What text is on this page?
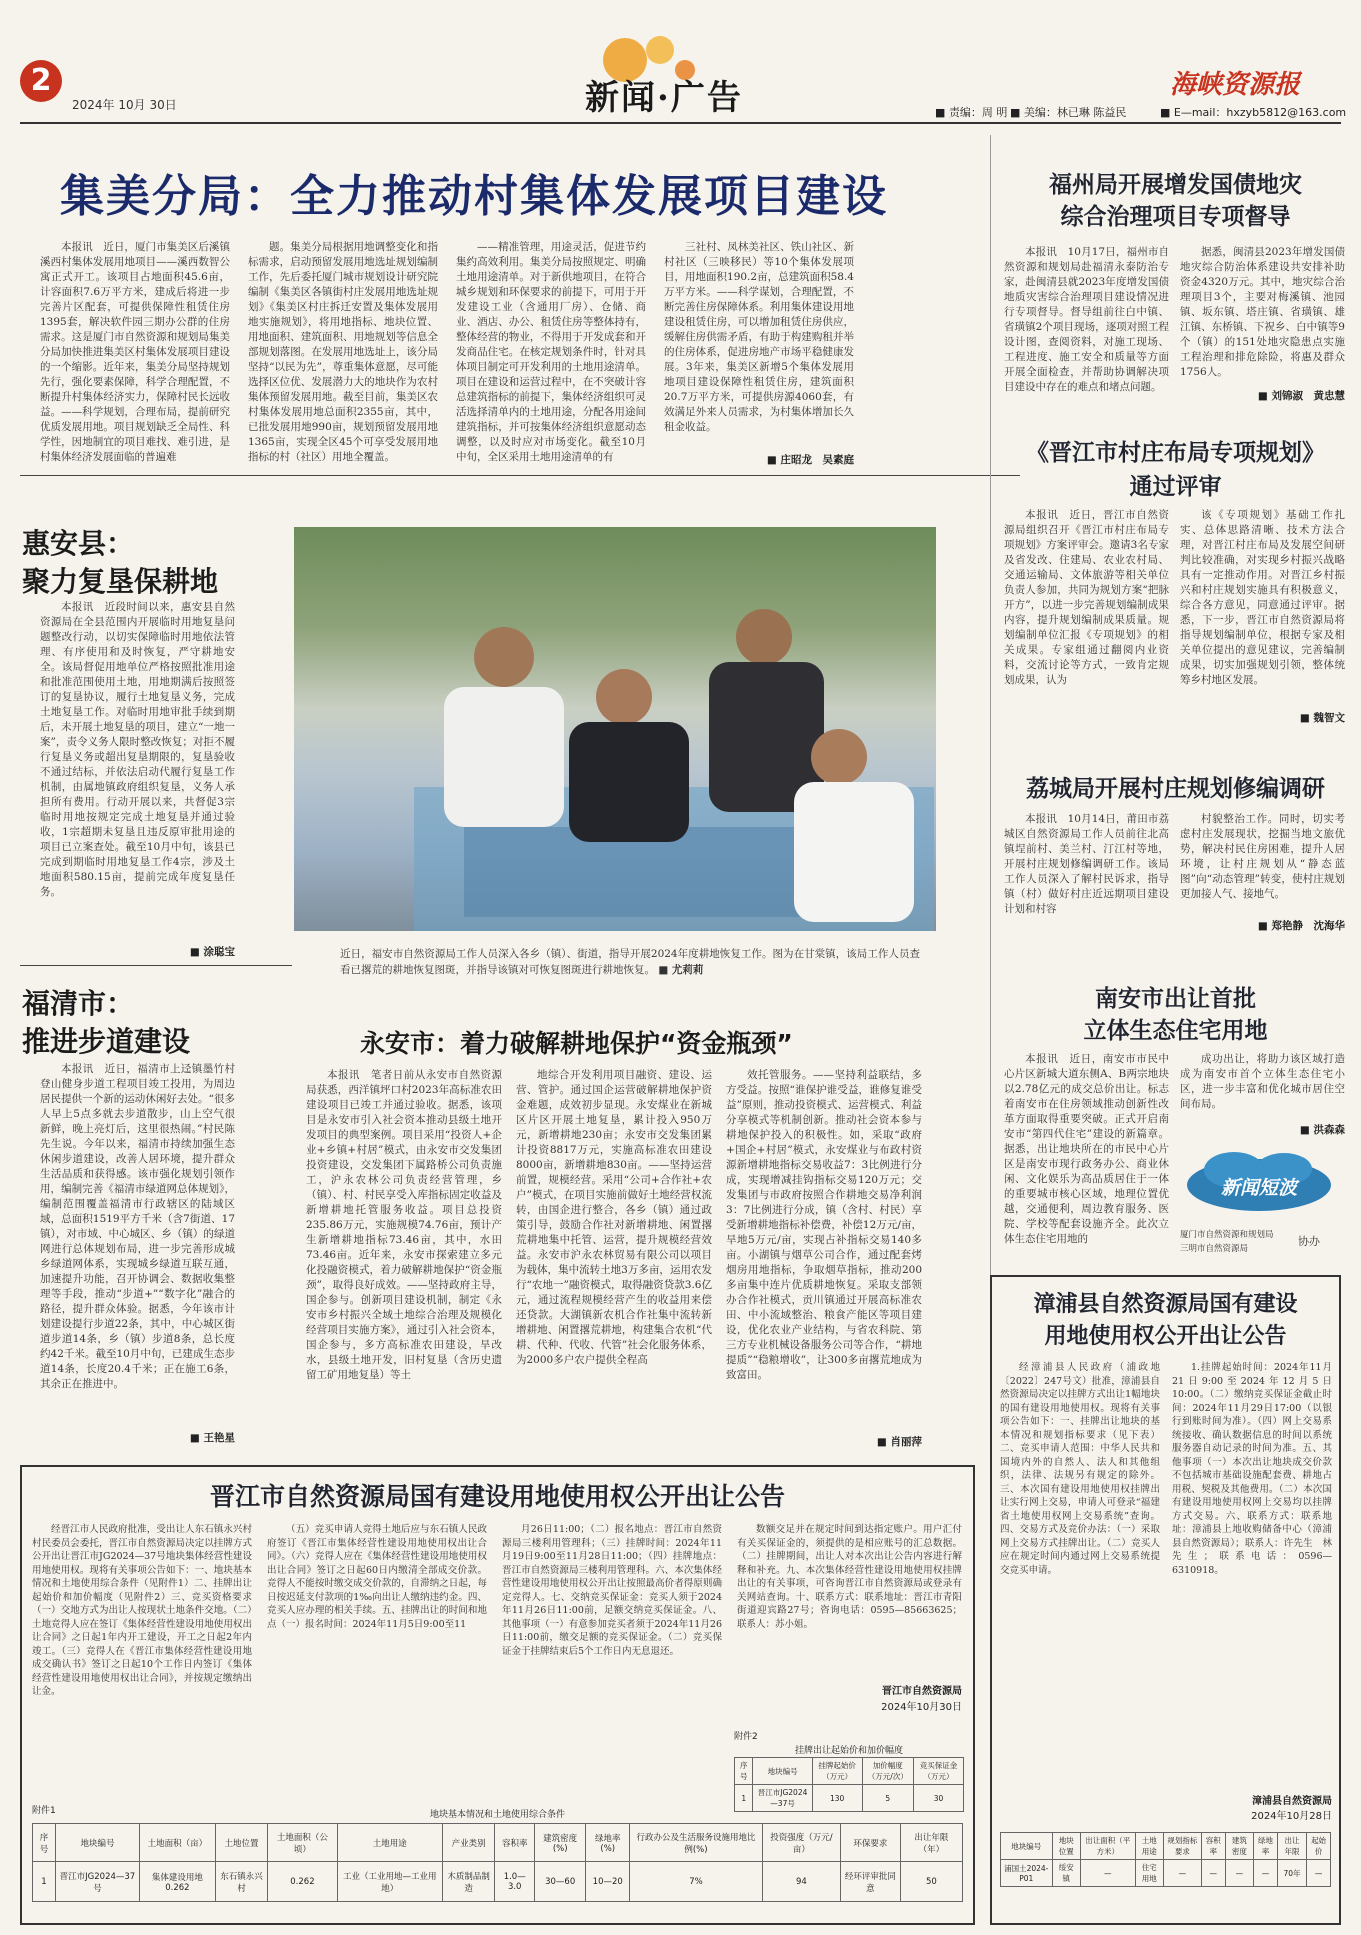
2
2024年 10月 30日	新闻·广告	海峡资源报
■ 责编：周 明 ■ 美编：林已琳 陈益民	■ E—mail：hxzyb5812@163.com
集美分局：全力推动村集体发展项目建设

本报讯　近日，厦门市集美区后溪镇溪西村集体发展用地项目——溪西数智公寓正式开工。该项目占地面积45.6亩，计容面积7.6万平方米，建成后将进一步完善片区配套，可提供保障性租赁住房1395套，解决软件园三期办公群的住房需求。这是厦门市自然资源和规划局集美分局加快推进集美区村集体发展项目建设的一个缩影。近年来，集美分局坚持规划先行，强化要素保障，科学合理配置，不断提升村集体经济实力，保障村民长远收益。——科学规划，合理布局，提前研究优质发展用地。项目规划缺乏全局性、科学性，因地制宜的项目难找、难引进，是村集体经济发展面临的普遍难

题。集美分局根据用地调整变化和指标需求，启动预留发展用地选址规划编制工作，先后委托厦门城市规划设计研究院编制《集美区各镇街村庄发展用地选址规划》《集美区村庄拆迁安置及集体发展用地实施规划》，将用地指标、地块位置、用地面积、建筑面积、用地规划等信息全部规划落图。在发展用地选址上，该分局坚持“以民为先”，尊重集体意愿，尽可能选择区位优、发展潜力大的地块作为农村集体预留发展用地。截至目前，集美区农村集体发展用地总面积2355亩，其中，已批发展用地990亩，规划预留发展用地1365亩，实现全区45个可享受发展用地指标的村（社区）用地全覆盖。

——精准管理，用途灵活，促进节约集约高效利用。集美分局按照规定、明确土地用途清单。对于新供地项目，在符合城乡规划和环保要求的前提下，可用于开发建设工业（含通用厂房）、仓储、商业、酒店、办公、租赁住房等整体持有，整体经营的物业，不得用于开发成套和开发商品住宅。在核定规划条件时，针对具体项目制定可开发利用的土地用途清单。项目在建设和运营过程中，在不突破计容总建筑指标的前提下，集体经济组织可灵活选择清单内的土地用途，分配各用途间建筑指标，并可按集体经济组织意愿动态调整，以及时应对市场变化。截至10月中旬，全区采用土地用途清单的有

三社村、凤林美社区、铁山社区、新村社区（三映移民）等10个集体发展项目，用地面积190.2亩，总建筑面积58.4万平方米。——科学谋划，合理配置，不断完善住房保障体系。利用集体建设用地建设租赁住房，可以增加租赁住房供应，缓解住房供需矛盾，有助于构建购租并举的住房体系，促进房地产市场平稳健康发展。3年来，集美区新增5个集体发展用地项目建设保障性租赁住房，建筑面积20.7万平方米，可提供房源4060套，有效满足外来人员需求，为村集体增加长久租金收益。

■ 庄昭龙　吴素庭
惠安县：
聚力复垦保耕地

本报讯　近段时间以来，惠安县自然资源局在全县范围内开展临时用地复垦问题整改行动，以切实保障临时用地依法管理、有序使用和及时恢复，严守耕地安全。该局督促用地单位严格按照批准用途和批准范围使用土地，用地期满后按照签订的复垦协议，履行土地复垦义务，完成土地复垦工作。对临时用地审批手续到期后，未开展土地复垦的项目，建立“一地一案”，责令义务人限时整改恢复；对拒不履行复垦义务或超出复垦期限的，复垦验收不通过结标，并依法启动代履行复垦工作机制，由属地镇政府组织复垦，义务人承担所有费用。行动开展以来，共督促3宗临时用地按规定完成土地复垦并通过验收，1宗超期未复垦且违反原审批用途的项目已立案查处。截至10月中旬，该县已完成到期临时用地复垦工作4宗，涉及土地面积580.15亩，提前完成年度复垦任务。

■ 涂聪宝	近日，福安市自然资源局工作人员深入各乡（镇）、街道，指导开展2024年度耕地恢复工作。图为在甘棠镇，该局工作人员查看已撂荒的耕地恢复图斑，并指导该镇对可恢复图斑进行耕地恢复。 ■ 尤莉莉
福清市：
推进步道建设

本报讯　近日，福清市上迳镇墨竹村登山健身步道工程项目竣工投用，为周边居民提供一个新的运动休闲好去处。“很多人早上5点多就去步道散步，山上空气很新鲜，晚上亮灯后，这里很热闹。”村民陈先生说。今年以来，福清市持续加强生态休闲步道建设，改善人居环境，提升群众生活品质和获得感。该市强化规划引领作用，编制完善《福清市绿道网总体规划》，编制范围覆盖福清市行政辖区的陆域区域，总面积1519平方千米（含7街道、17镇），对市域、中心城区、乡（镇）的绿道网进行总体规划布局，进一步完善形成城乡绿道网体系，实现城乡绿道互联互通，加速提升功能，召开协调会、数据收集整理等手段，推动“步道+”“数字化”融合的路径，提升群众体验。据悉，今年该市计划建设提行步道22条，其中，中心城区街道步道14条，乡（镇）步道8条，总长度约42千米。截至10月中旬，已建成生态步道14条，长度20.4千米；正在施工6条，其余正在推进中。

■ 王艳星
永安市：着力破解耕地保护“资金瓶颈”

本报讯　笔者日前从永安市自然资源局获悉，西洋镇坪口村2023年高标准农田建设项目已竣工并通过验收。据悉，该项目是永安市引入社会资本推动县级土地开发项目的典型案例。项目采用“投资人+企业+乡镇+村居”模式，由永安市交发集团投资建设，交发集团下属路桥公司负责施工，沪永农林公司负责经营管理，乡（镇）、村、村民享受入库指标固定收益及新增耕地托管服务收益。项目总投资235.86万元，实施规模74.76亩，预计产生新增耕地指标73.46亩，其中，水田73.46亩。近年来，永安市探索建立多元化投融资模式，着力破解耕地保护“资金瓶颈”，取得良好成效。——坚持政府主导，国企参与。创新项目建设机制，制定《永安市乡村振兴全域土地综合治理及规模化经营项目实施方案》，通过引入社会资本，国企参与，多方高标准农田建设，旱改水，县级土地开发，旧村复垦（含历史遗留工矿用地复垦）等土

地综合开发利用项目融资、建设、运营、管护。通过国企运营破解耕地保护资金难题，成效初步显现。永安煤业在新城区片区开展土地复垦，累计投入950万元，新增耕地230亩；永安市交发集团累计投资8817万元，实施高标准农田建设8000亩，新增耕地830亩。——坚持运营前置，规模经营。采用“公司+合作社+农户”模式，在项目实施前做好土地经营权流转，由国企进行整合，各乡（镇）通过政策引导，鼓励合作社对新增耕地、闲置撂荒耕地集中托管、运营，提升规模经营效益。永安市沪永农林贸易有限公司以项目为载体，集中流转土地3万多亩，运用农发行“农地一”融资模式，取得融资贷款3.6亿元，通过流程规模经营产生的收益用来偿还贷款。大湖镇新农机合作社集中流转新增耕地、闲置撂荒耕地，构建集合农机“代耕、代种、代收、代管”社会化服务体系，为2000多户农户提供全程高

效托管服务。——坚持利益联结，多方受益。按照“谁保护谁受益，谁修复谁受益”原则，推动投资模式、运营模式、利益分享模式等机制创新。推动社会资本参与耕地保护投入的积极性。如，采取“政府+国企+村居”模式，永安煤业与布政村资源新增耕地指标交易收益7：3比例进行分成，实现增减挂钩指标交易120万元；交发集团与市政府按照合作耕地交易净利润3：7比例进行分成，镇（含村、村民）享受新增耕地指标补偿费，补偿12万元/亩，旱地5万元/亩，实现占补指标交易140多亩。小湖镇与烟草公司合作，通过配套烤烟房用地指标，争取烟草指标，推动200多亩集中连片优质耕地恢复。采取支部领办合作社模式，贡川镇通过开展高标准农田、中小流域整治、粮食产能区等项目建设，优化农业产业结构，与省农科院、第三方专业机械设备服务公司等合作，“耕地提质”“稳粮增收”，让300多亩撂荒地成为致富田。

■ 肖丽萍
福州局开展增发国债地灾
综合治理项目专项督导

本报讯　10月17日，福州市自然资源和规划局赴福清永泰防治专家，赴闽清县就2023年度增发国债地质灾害综合治理项目建设情况进行专项督导。督导组前往白中镇、省璜镇2个项目现场，逐项对照工程设计图，查阅资料，对施工现场、工程进度、施工安全和质量等方面开展全面检查，并帮助协调解决项目建设中存在的难点和堵点问题。

据悉，闽清县2023年增发国债地灾综合防治体系建设共安排补助资金4320万元。其中，地灾综合治理项目3个，主要对梅溪镇、池园镇、坂东镇、塔庄镇、省璜镇、雄江镇、东桥镇、下祝乡、白中镇等9个（镇）的151处地灾隐患点实施工程治理和排危除险，将惠及群众1756人。

■ 刘锦淑　黄忠慧
《晋江市村庄布局专项规划》
通过评审

本报讯　近日，晋江市自然资源局组织召开《晋江市村庄布局专项规划》方案评审会。邀请3名专家及省发改、住建局、农业农村局、交通运输局、文体旅游等相关单位负责人参加，共同为规划方案“把脉开方”，以进一步完善规划编制成果内容，提升规划编制成果质量。规划编制单位汇报《专项规划》的相关成果。专家组通过翻阅内业资料，交流讨论等方式，一致肯定规划成果，认为

该《专项规划》基础工作扎实、总体思路清晰、技术方法合理，对晋江村庄布局及发展空间研判比较准确，对实现乡村振兴战略具有一定推动作用。对晋江乡村振兴和村庄规划实施具有积极意义，综合各方意见，同意通过评审。据悉，下一步，晋江市自然资源局将指导规划编制单位，根据专家及相关单位提出的意见建议，完善编制成果，切实加强规划引领，整体统筹乡村地区发展。

■ 魏智文
荔城局开展村庄规划修编调研

本报讯　10月14日，莆田市荔城区自然资源局工作人员前往北高镇埕前村、美兰村、汀江村等地，开展村庄规划修编调研工作。该局工作人员深入了解村民诉求，指导镇（村）做好村庄近远期项目建设计划和村容

村貌整治工作。同时，切实考虑村庄发展现状，挖掘当地文旅优势，解决村民住房困难，提升人居环境，让村庄规划从“静态蓝图”向“动态管理”转变，使村庄规划更加接人气、接地气。

■ 郑艳静　沈海华
南安市出让首批
立体生态住宅用地

本报讯　近日，南安市市民中心片区新城大道东侧A、B两宗地块以2.78亿元的成交总价出让。标志着南安市在住房领域推动创新性改革方面取得重要突破。正式开启南安市“第四代住宅”建设的新篇章。据悉，出让地块所在的市民中心片区是南安市现行政务办公、商业休闲、文化娱乐为高品质居住于一体的重要城市核心区域，地理位置优越，交通便利，周边教育服务、医院、学校等配套设施齐全。此次立体生态住宅用地的

成功出让，将助力该区域打造成为南安市首个立体生态住宅小区，进一步丰富和优化城市居住空间布局。

■ 洪森森
新闻短波
厦门市自然资源和规划局
三明市自然资源局
协办
漳浦县自然资源局国有建设
用地使用权公开出让公告

经漳浦县人民政府（浦政地〔2022〕247号文）批准，漳浦县自然资源局决定以挂牌方式出让1幅地块的国有建设用地使用权。现将有关事项公告如下：一、挂牌出让地块的基本情况和规划指标要求（见下表）二、竞买申请人范围：中华人民共和国境内外的自然人、法人和其他组织，法律、法规另有规定的除外。三、本次国有建设用地使用权挂牌出让实行网上交易，申请人可登录“福建省土地使用权网上交易系统”查询。四、交易方式及竞价办法：（一）采取网上交易方式挂牌出让。（二）竞买人应在规定时间内通过网上交易系统提交竞买申请。

1.挂牌起始时间：2024年11月21日9:00至2024年12月5日10:00。（二）缴纳竞买保证金截止时间：2024年11月29日17:00（以银行到账时间为准）。（四）网上交易系统接收、确认数据信息的时间以系统服务器自动记录的时间为准。五、其他事项（一）本次出让地块成交价款不包括城市基础设施配套费、耕地占用税、契税及其他费用。（二）本次国有建设用地使用权网上交易均以挂牌方式交易。六、联系方式：联系地址：漳浦县上地收购储备中心（漳浦县自然资源局）；联系人：许先生　林先生；联系电话：0596—6310918。

漳浦县自然资源局
2024年10月28日
地块编号	地块位置	出让面积（平方米）	土地用途	规划指标要求	容积率	建筑密度	绿地率	出让年限	起始价
浦国土2024-P01	绥安镇	—	住宅用地	—	—	—	—	70年	—
晋江市自然资源局国有建设用地使用权公开出让公告

经晋江市人民政府批准，受出让人东石镇永兴村村民委员会委托，晋江市自然资源局决定以挂牌方式公开出让晋江市JG2024—37号地块集体经营性建设用地使用权。现将有关事项公告如下：一、地块基本情况和土地使用综合条件（见附件1）二、挂牌出让起始价和加价幅度（见附件2）三、竞买资格要求（一）交地方式为出让人按现状土地条件交地。（二）土地竞得人应在签订《集体经营性建设用地使用权出让合同》之日起1年内开工建设，开工之日起2年内竣工。（三）竞得人在《晋江市集体经营性建设用地成交确认书》签订之日起10个工作日内签订《集体经营性建设用地使用权出让合同》，并按规定缴纳出让金。

（五）竞买申请人竞得土地后应与东石镇人民政府签订《晋江市集体经营性建设用地使用权出让合同》。（六）竞得人应在《集体经营性建设用地使用权出让合同》签订之日起60日内缴清全部成交价款。竞得人不能按时缴交成交价款的，自滞纳之日起，每日按迟延支付款项的1‰向出让人缴纳违约金。四、竞买人应办理的相关手续。五、挂牌出让的时间和地点（一）报名时间：2024年11月5日9:00至11

月26日11:00；（二）报名地点：晋江市自然资源局三楼利用管理科；（三）挂牌时间：2024年11月19日9:00至11月28日11:00；（四）挂牌地点：晋江市自然资源局三楼利用管理科。六、本次集体经营性建设用地使用权公开出让按照最高价者得原则确定竞得人。七、交纳竞买保证金：竞买人须于2024年11月26日11:00前，足额交纳竞买保证金。八、其他事项（一）有意参加竞买者须于2024年11月26日11:00前，缴交足额的竞买保证金。（二）竞买保证金于挂牌结束后5个工作日内无息退还。

数额交足并在规定时间到达指定账户。用户汇付有关买保证金的，须提供的是相应账号的汇总数据。（二）挂牌期间，出让人对本次出让公告内容进行解释和补充。九、本次集体经营性建设用地使用权挂牌出让的有关事项，可咨询晋江市自然资源局或登录有关网站查询。十、联系方式：联系地址：晋江市青阳街道迎宾路27号；咨询电话：0595—85663625；联系人：苏小姐。

晋江市自然资源局
2024年10月30日
附件2
挂牌出让起始价和加价幅度
序号	地块编号	挂牌起始价（万元）	加价幅度（万元/次）	竞买保证金（万元）
1	晋江市JG2024—37号	130	5	30
附件1	地块基本情况和土地使用综合条件
序号	地块编号	土地面积（亩）	土地位置	土地面积（公顷）	土地用途	产业类别	容积率	建筑密度(%)	绿地率(%)	行政办公及生活服务设施用地比例(%)	投资强度（万元/亩）	环保要求	出让年限（年）
1	晋江市JG2024—37号	集体建设用地0.262	东石镇永兴村	0.262	工业（工业用地—工业用地）	木质制品制造	1.0—3.0	30—60	10—20	7%	94	经环评审批同意	50
